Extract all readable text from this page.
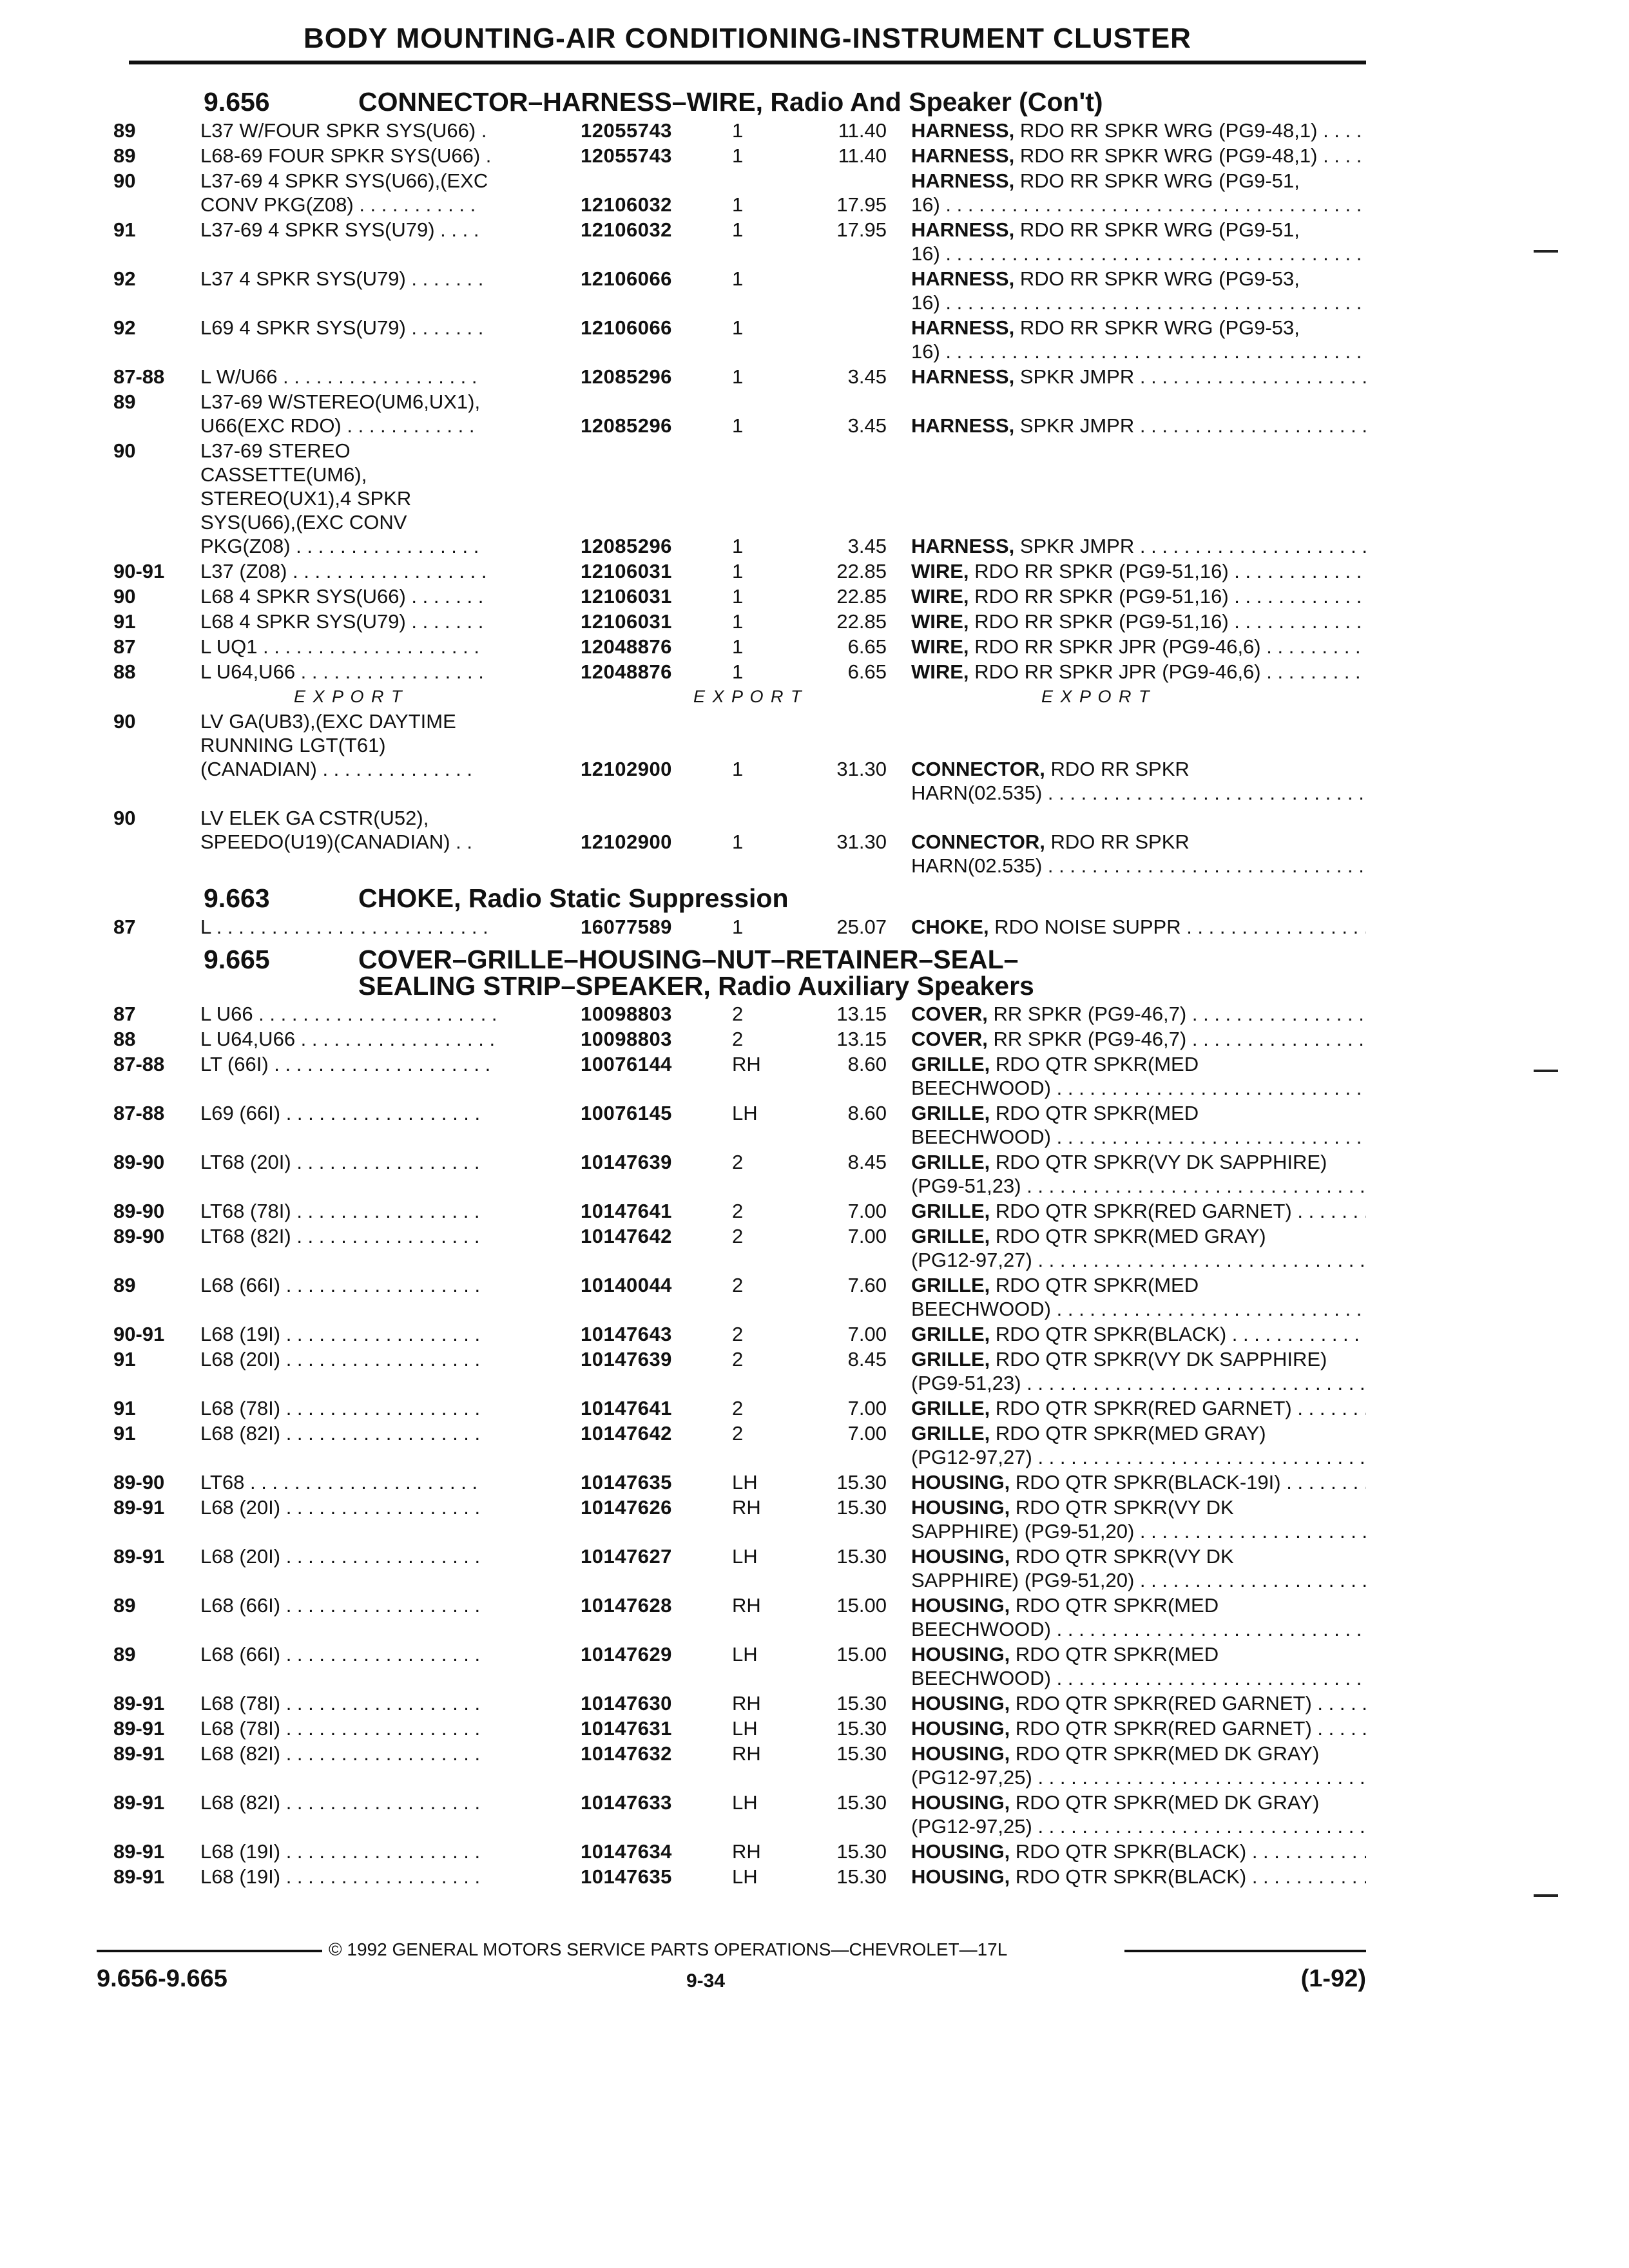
BODY MOUNTING-AIR CONDITIONING-INSTRUMENT CLUSTER
9.656	CONNECTOR–HARNESS–WIRE, Radio And Speaker (Con't)
89	L37 W/FOUR SPKR SYS(U66) .	12055743	1	11.40 HARNESS, RDO RR SPKR WRG (PG9-48,1) . . .
89	L68-69 FOUR SPKR SYS(U66) .	12055743	1	11.40 HARNESS, RDO RR SPKR WRG (PG9-48,1) . . .
90	L37-69 4 SPKR SYS(U66),(EXC
CONV PKG(Z08) . . . . . . . . . . .	12106032	1	17.95
HARNESS, RDO RR SPKR WRG (PG9-51,
16) . . .
91	L37-69 4 SPKR SYS(U79) . . . .	12106032	1	17.95 HARNESS, RDO RR SPKR WRG (PG9-51,
16) . . .
92	L37 4 SPKR SYS(U79) . . . . . . .	12106066	1	HARNESS, RDO RR SPKR WRG (PG9-53,
16) . . .
92	L69 4 SPKR SYS(U79) . . . . . . .	12106066	1	HARNESS, RDO RR SPKR WRG (PG9-53,
16) . . .
87-88	L W/U66 . . . . . . . . . . . . . . . . . .	12085296	1	3.45 HARNESS, SPKR JMPR . . .
89	L37-69 W/STEREO(UM6,UX1),
U66(EXC RDO) . . . . . . . . . . . .	12085296	1	3.45
HARNESS, SPKR JMPR . . .
90	L37-69 STEREO
CASSETTE(UM6),
STEREO(UX1),4 SPKR
SYS(U66),(EXC CONV
PKG(Z08) . . . . . . . . . . . . . . . . .	12085296	1	3.45

HARNESS, SPKR JMPR . . .
90-91	L37 (Z08) . . . . . . . . . . . . . . . . . .	12106031	1	22.85 WIRE, RDO RR SPKR (PG9-51,16) . . .
90	L68 4 SPKR SYS(U66) . . . . . . .	12106031	1	22.85 WIRE, RDO RR SPKR (PG9-51,16) . . .
91	L68 4 SPKR SYS(U79) . . . . . . .	12106031	1	22.85 WIRE, RDO RR SPKR (PG9-51,16) . . .
87	L UQ1 . . . . . . . . . . . . . . . . . . . .	12048876	1	6.65 WIRE, RDO RR SPKR JPR (PG9-46,6) . . .
88	L U64,U66 . . . . . . . . . . . . . . . . .	12048876	1	6.65 WIRE, RDO RR SPKR JPR (PG9-46,6) . . .
E X P O R T	E X P O R T	E X P O R T
90	LV GA(UB3),(EXC DAYTIME
RUNNING LGT(T61)
(CANADIAN) . . . . . . . . . . . . . .	12102900	1	31.30

CONNECTOR, RDO RR SPKR
HARN(02.535) . . .
90	LV ELEK GA CSTR(U52),
SPEEDO(U19)(CANADIAN) . .	12102900	1	31.30
CONNECTOR, RDO RR SPKR
HARN(02.535) . . .
9.663	CHOKE, Radio Static Suppression
87	L . . . . . . . . . . . . . . . . . . . . . . . . .	16077589	1	25.07 CHOKE, RDO NOISE SUPPR . . .
9.665	COVER–GRILLE–HOUSING–NUT–RETAINER–SEAL–
SEALING STRIP–SPEAKER, Radio Auxiliary Speakers
87	L U66 . . . . . . . . . . . . . . . . . . . . . .	10098803	2	13.15 COVER, RR SPKR (PG9-46,7) . . .
88	L U64,U66 . . . . . . . . . . . . . . . . . .	10098803	2	13.15 COVER, RR SPKR (PG9-46,7) . . .
87-88	LT (66I) . . . . . . . . . . . . . . . . . . . .	10076144	RH	8.60 GRILLE, RDO QTR SPKR(MED
BEECHWOOD) . . .
87-88	L69 (66I) . . . . . . . . . . . . . . . . . .	10076145	LH	8.60 GRILLE, RDO QTR SPKR(MED
BEECHWOOD) . . .
89-90	LT68 (20I) . . . . . . . . . . . . . . . . .	10147639	2	8.45 GRILLE, RDO QTR SPKR(VY DK SAPPHIRE)
(PG9-51,23) . . .
89-90	LT68 (78I) . . . . . . . . . . . . . . . . .	10147641	2	7.00 GRILLE, RDO QTR SPKR(RED GARNET) . . .
89-90	LT68 (82I) . . . . . . . . . . . . . . . . .	10147642	2	7.00 GRILLE, RDO QTR SPKR(MED GRAY)
(PG12-97,27) . . .
89	L68 (66I) . . . . . . . . . . . . . . . . . .	10140044	2	7.60 GRILLE, RDO QTR SPKR(MED
BEECHWOOD) . . .
90-91	L68 (19I) . . . . . . . . . . . . . . . . . .	10147643	2	7.00 GRILLE, RDO QTR SPKR(BLACK) . . .
91	L68 (20I) . . . . . . . . . . . . . . . . . .	10147639	2	8.45 GRILLE, RDO QTR SPKR(VY DK SAPPHIRE)
(PG9-51,23) . . .
91	L68 (78I) . . . . . . . . . . . . . . . . . .	10147641	2	7.00 GRILLE, RDO QTR SPKR(RED GARNET) . . .
91	L68 (82I) . . . . . . . . . . . . . . . . . .	10147642	2	7.00 GRILLE, RDO QTR SPKR(MED GRAY)
(PG12-97,27) . . .
89-90	LT68 . . . . . . . . . . . . . . . . . . . . .	10147635	LH	15.30 HOUSING, RDO QTR SPKR(BLACK-19I) . . .
89-91	L68 (20I) . . . . . . . . . . . . . . . . . .	10147626	RH	15.30 HOUSING, RDO QTR SPKR(VY DK
SAPPHIRE) (PG9-51,20) . . .
89-91	L68 (20I) . . . . . . . . . . . . . . . . . .	10147627	LH	15.30 HOUSING, RDO QTR SPKR(VY DK
SAPPHIRE) (PG9-51,20) . . .
89	L68 (66I) . . . . . . . . . . . . . . . . . .	10147628	RH	15.00 HOUSING, RDO QTR SPKR(MED
BEECHWOOD) . . .
89	L68 (66I) . . . . . . . . . . . . . . . . . .	10147629	LH	15.00 HOUSING, RDO QTR SPKR(MED
BEECHWOOD) . . .
89-91	L68 (78I) . . . . . . . . . . . . . . . . . .	10147630	RH	15.30 HOUSING, RDO QTR SPKR(RED GARNET) . . .
89-91	L68 (78I) . . . . . . . . . . . . . . . . . .	10147631	LH	15.30 HOUSING, RDO QTR SPKR(RED GARNET) . . .
89-91	L68 (82I) . . . . . . . . . . . . . . . . . .	10147632	RH	15.30 HOUSING, RDO QTR SPKR(MED DK GRAY)
(PG12-97,25) . . .
89-91	L68 (82I) . . . . . . . . . . . . . . . . . .	10147633	LH	15.30 HOUSING, RDO QTR SPKR(MED DK GRAY)
(PG12-97,25) . . .
89-91	L68 (19I) . . . . . . . . . . . . . . . . . .	10147634	RH	15.30 HOUSING, RDO QTR SPKR(BLACK) . . .
89-91	L68 (19I) . . . . . . . . . . . . . . . . . .	10147635	LH	15.30 HOUSING, RDO QTR SPKR(BLACK) . . .
© 1992 GENERAL MOTORS SERVICE PARTS OPERATIONS—CHEVROLET—17L
9.656-9.665	9-34	(1-92)
